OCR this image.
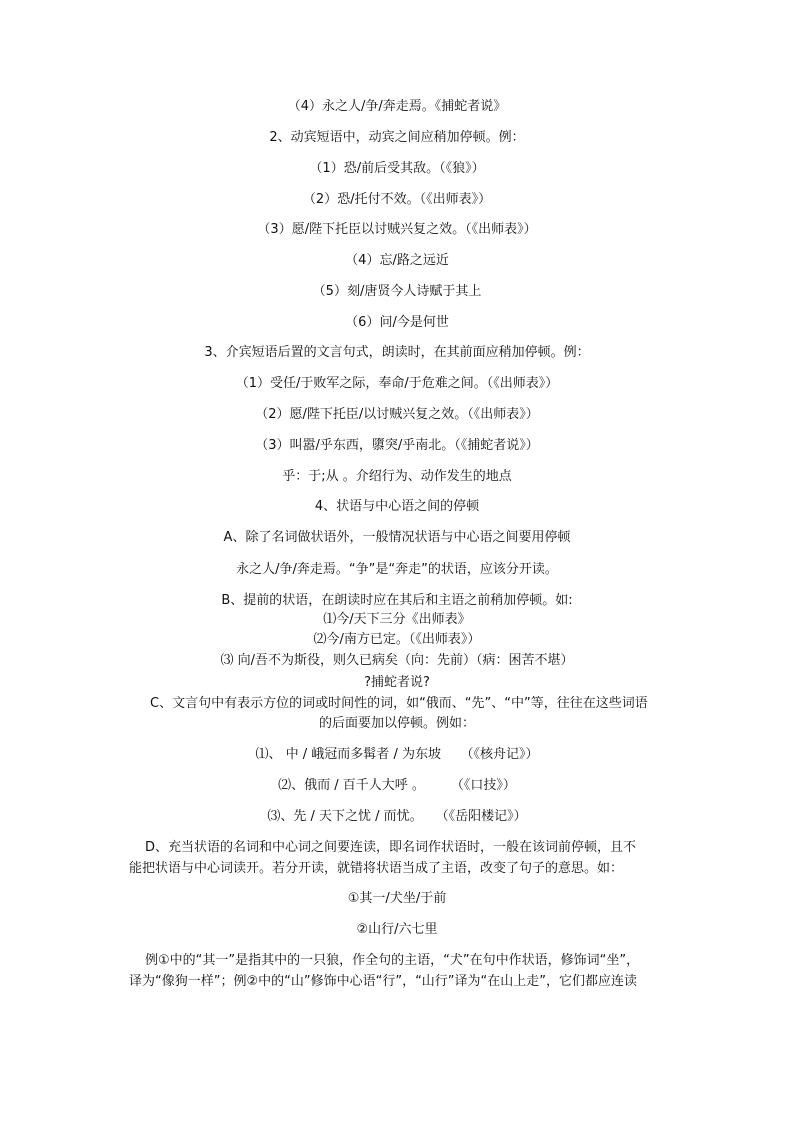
（4）永之人/争/奔走焉。《捕蛇者说》
2、动宾短语中，动宾之间应稍加停顿。例：
（1）恐/前后受其敌。（《狼》）
（2）恐/托付不效。（《出师表》）
（3）愿/陛下托臣以讨贼兴复之效。（《出师表》）
（4）忘/路之远近
（5）刻/唐贤今人诗赋于其上
（6）问/今是何世
3、介宾短语后置的文言句式，朗读时，在其前面应稍加停顿。例：
（1）受任/于败军之际，奉命/于危难之间。（《出师表》）
（2）愿/陛下托臣/以讨贼兴复之效。（《出师表》）
（3）叫嚣/乎东西，隳突/乎南北。（《捕蛇者说》）
乎：于;从 。介绍行为、动作发生的地点
4、状语与中心语之间的停顿
A、除了名词做状语外，一般情况状语与中心语之间要用停顿
永之人/争/奔走焉。“争”是“奔走”的状语，应该分开读。
B、提前的状语，在朗读时应在其后和主语之前稍加停顿。如:
⑴今/天下三分《出师表》
⑵今/南方已定。（《出师表》）
⑶ 向/吾不为斯役，则久已病矣（向：先前）（病：困苦不堪）
?捕蛇者说?
C、文言句中有表示方位的词或时间性的词，如“俄而、“先”、“中”等，往往在这些词语
的后面要加以停顿。例如：
⑴、 中 / 峨冠而多髯者 / 为东坡　　（《核舟记》）
⑵、俄而 / 百千人大呼 。　　　（《口技》）
⑶、先 / 天下之忧 / 而忧。　　（《岳阳楼记》）
D、充当状语的名词和中心词之间要连读，即名词作状语时，一般在该词前停顿，且不
能把状语与中心词读开。若分开读，就错将状语当成了主语，改变了句子的意思。如：
①其一/犬坐/于前
②山行/六七里
例①中的“其一”是指其中的一只狼，作全句的主语，“犬”在句中作状语，修饰词“坐”，
译为“像狗一样”；例②中的“山”修饰中心语“行”，“山行”译为“在山上走”，它们都应连读
